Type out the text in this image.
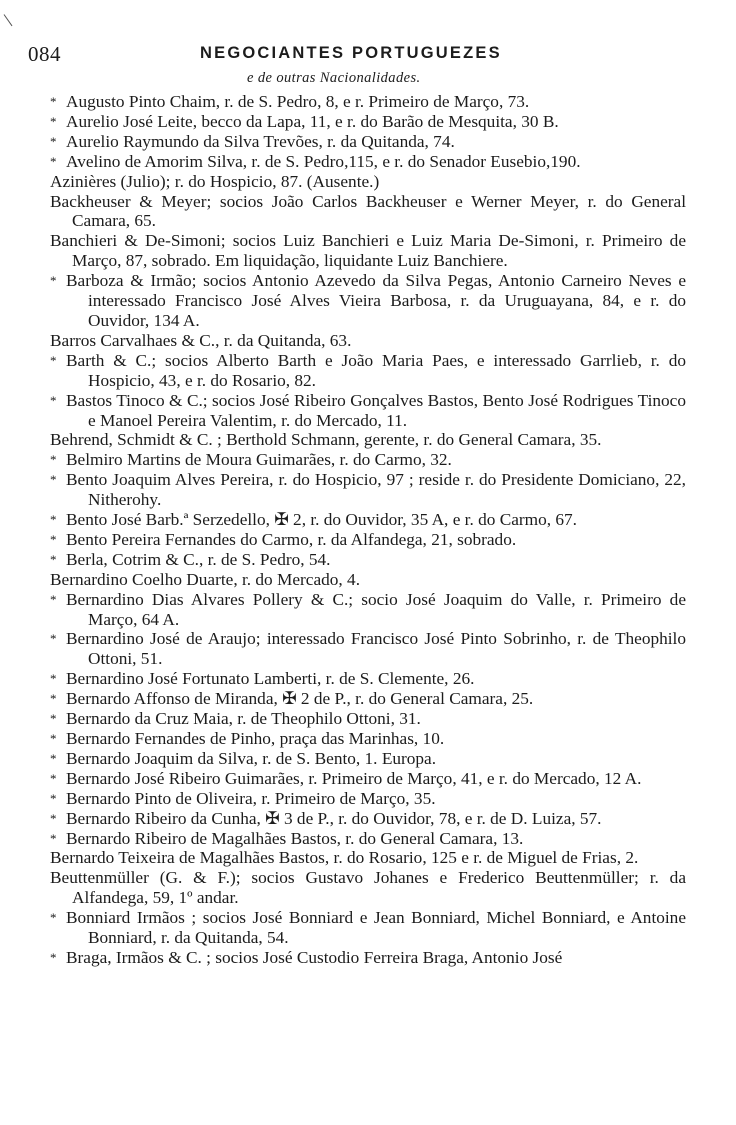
084	NEGOCIANTES PORTUGUEZES
e de outras Nacionalidades.
* Augusto Pinto Chaim, r. de S. Pedro, 8, e r. Primeiro de Março, 73.
* Aurelio José Leite, becco da Lapa, 11, e r. do Barão de Mesquita, 30 B.
* Aurelio Raymundo da Silva Trevões, r. da Quitanda, 74.
* Avelino de Amorim Silva, r. de S. Pedro,115, e r. do Senador Eusebio,190.
Azinières (Julio); r. do Hospicio, 87. (Ausente.)
Backheuser & Meyer; socios João Carlos Backheuser e Werner Meyer, r. do General Camara, 65.
Banchieri & De-Simoni; socios Luiz Banchieri e Luiz Maria De-Simoni, r. Primeiro de Março, 87, sobrado. Em liquidação, liquidante Luiz Banchiere.
* Barboza & Irmão; socios Antonio Azevedo da Silva Pegas, Antonio Carneiro Neves e interessado Francisco José Alves Vieira Barbosa, r. da Uruguayana, 84, e r. do Ouvidor, 134 A.
Barros Carvalhaes & C., r. da Quitanda, 63.
* Barth & C.; socios Alberto Barth e João Maria Paes, e interessado Garrlieb, r. do Hospicio, 43, e r. do Rosario, 82.
* Bastos Tinoco & C.; socios José Ribeiro Gonçalves Bastos, Bento José Rodrigues Tinoco e Manoel Pereira Valentim, r. do Mercado, 11.
Behrend, Schmidt & C. ; Berthold Schmann, gerente, r. do General Camara, 35.
* Belmiro Martins de Moura Guimarães, r. do Carmo, 32.
* Bento Joaquim Alves Pereira, r. do Hospicio, 97 ; reside r. do Presidente Domiciano, 22, Nitherohy.
* Bento José Barb.ª Serzedello, ✠ 2, r. do Ouvidor, 35 A, e r. do Carmo, 67.
* Bento Pereira Fernandes do Carmo, r. da Alfandega, 21, sobrado.
* Berla, Cotrim & C., r. de S. Pedro, 54.
Bernardino Coelho Duarte, r. do Mercado, 4.
* Bernardino Dias Alvares Pollery & C.; socio José Joaquim do Valle, r. Primeiro de Março, 64 A.
* Bernardino José de Araujo; interessado Francisco José Pinto Sobrinho, r. de Theophilo Ottoni, 51.
* Bernardino José Fortunato Lamberti, r. de S. Clemente, 26.
* Bernardo Affonso de Miranda, ✠ 2 de P., r. do General Camara, 25.
* Bernardo da Cruz Maia, r. de Theophilo Ottoni, 31.
* Bernardo Fernandes de Pinho, praça das Marinhas, 10.
* Bernardo Joaquim da Silva, r. de S. Bento, 1. Europa.
* Bernardo José Ribeiro Guimarães, r. Primeiro de Março, 41, e r. do Mercado, 12 A.
* Bernardo Pinto de Oliveira, r. Primeiro de Março, 35.
* Bernardo Ribeiro da Cunha, ✠ 3 de P., r. do Ouvidor, 78, e r. de D. Luiza, 57.
* Bernardo Ribeiro de Magalhães Bastos, r. do General Camara, 13.
Bernardo Teixeira de Magalhães Bastos, r. do Rosario, 125 e r. de Miguel de Frias, 2.
Beuttenmüller (G. & F.); socios Gustavo Johanes e Frederico Beuttenmüller; r. da Alfandega, 59, 1º andar.
* Bonniard Irmãos ; socios José Bonniard e Jean Bonniard, Michel Bonniard, e Antoine Bonniard, r. da Quitanda, 54.
* Braga, Irmãos & C. ; socios José Custodio Ferreira Braga, Antonio José
